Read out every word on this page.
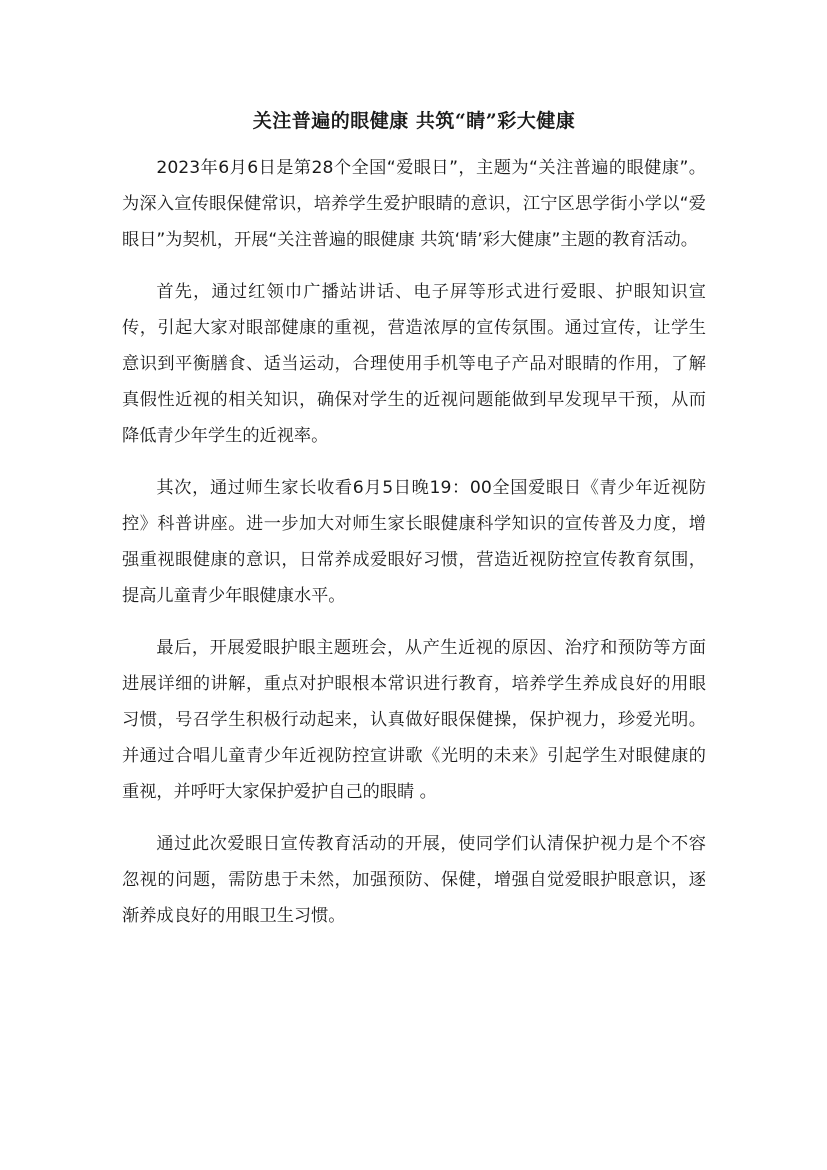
关注普遍的眼健康 共筑“睛”彩大健康

2023年6月6日是第28个全国“爱眼日”，主题为“关注普遍的眼健康”。为深入宣传眼保健常识，培养学生爱护眼睛的意识，江宁区思学街小学以“爱眼日”为契机，开展“关注普遍的眼健康 共筑‘睛’彩大健康”主题的教育活动。

首先，通过红领巾广播站讲话、电子屏等形式进行爱眼、护眼知识宣传，引起大家对眼部健康的重视，营造浓厚的宣传氛围。通过宣传，让学生意识到平衡膳食、适当运动，合理使用手机等电子产品对眼睛的作用，了解真假性近视的相关知识，确保对学生的近视问题能做到早发现早干预，从而降低青少年学生的近视率。

其次，通过师生家长收看6月5日晚19：00全国爱眼日《青少年近视防控》科普讲座。进一步加大对师生家长眼健康科学知识的宣传普及力度，增强重视眼健康的意识，日常养成爱眼好习惯，营造近视防控宣传教育氛围，提高儿童青少年眼健康水平。

最后，开展爱眼护眼主题班会，从产生近视的原因、治疗和预防等方面进展详细的讲解，重点对护眼根本常识进行教育，培养学生养成良好的用眼习惯，号召学生积极行动起来，认真做好眼保健操，保护视力，珍爱光明。并通过合唱儿童青少年近视防控宣讲歌《光明的未来》引起学生对眼健康的重视，并呼吁大家保护爱护自己的眼睛 。

通过此次爱眼日宣传教育活动的开展，使同学们认清保护视力是个不容忽视的问题，需防患于未然，加强预防、保健，增强自觉爱眼护眼意识，逐渐养成良好的用眼卫生习惯。
